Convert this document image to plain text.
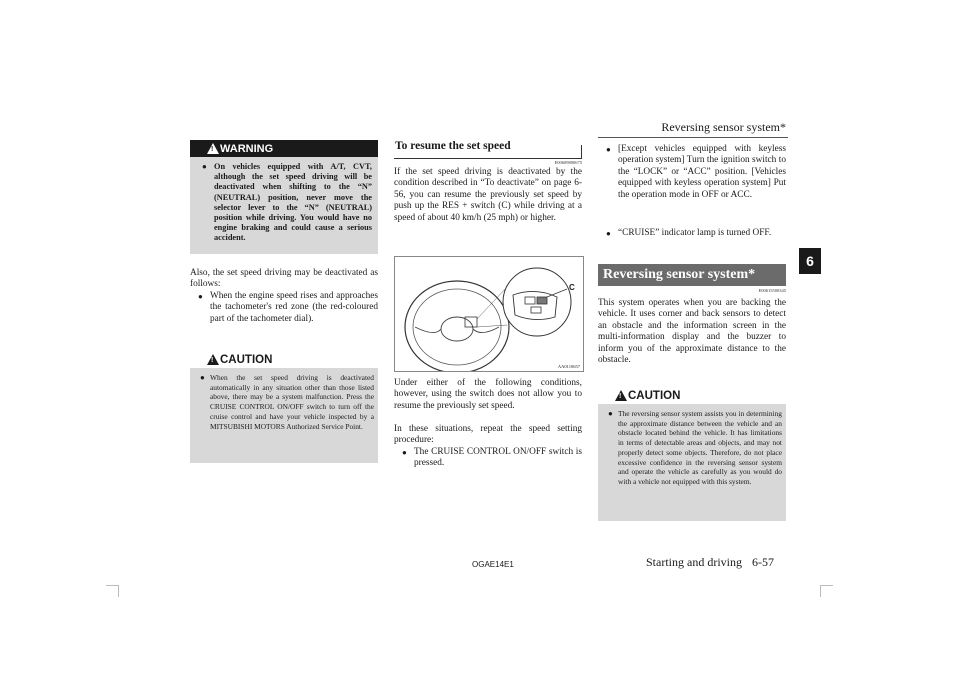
Reversing sensor system*
6
! WARNING
● On vehicles equipped with A/T, CVT, although the set speed driving will be deactivated when shifting to the “N” (NEUTRAL) position, never move the selector lever to the “N” (NEUTRAL) position while driving. You would have no engine braking and could cause a serious accident.
Also, the set speed driving may be deactivated as follows:
● When the engine speed rises and approaches the tachometer's red zone (the red-coloured part of the tachometer dial).
! CAUTION
● When the set speed driving is deactivated automatically in any situation other than those listed above, there may be a system malfunction. Press the CRUISE CONTROL ON/OFF switch to turn off the cruise control and have your vehicle inspected by a MITSUBISHI MOTORS Authorized Service Point.
To resume the set speed
E00609800675
If the set speed driving is deactivated by the condition described in “To deactivate” on page 6-56, you can resume the previously set speed by push up the RES + switch (C) while driving at a speed of about 40 km/h (25 mph) or higher.
C
AA0110657
Under either of the following conditions, however, using the switch does not allow you to resume the previously set speed.
In these situations, repeat the speed setting procedure:
● The CRUISE CONTROL ON/OFF switch is pressed.
● [Except vehicles equipped with keyless operation system] Turn the ignition switch to the “LOCK” or “ACC” position. [Vehicles equipped with keyless operation system] Put the operation mode in OFF or ACC.
● “CRUISE” indicator lamp is turned OFF.
Reversing sensor system*
E00615500345
This system operates when you are backing the vehicle. It uses corner and back sensors to detect an obstacle and the information screen in the multi-information display and the buzzer to inform you of the approximate distance to the obstacle.
! CAUTION
● The reversing sensor system assists you in determining the approximate distance between the vehicle and an obstacle located behind the vehicle. It has limitations in terms of detectable areas and objects, and may not properly detect some objects. Therefore, do not place excessive confidence in the reversing sensor system and operate the vehicle as carefully as you would do with a vehicle not equipped with this system.
OGAE14E1	Starting and driving 6-57
